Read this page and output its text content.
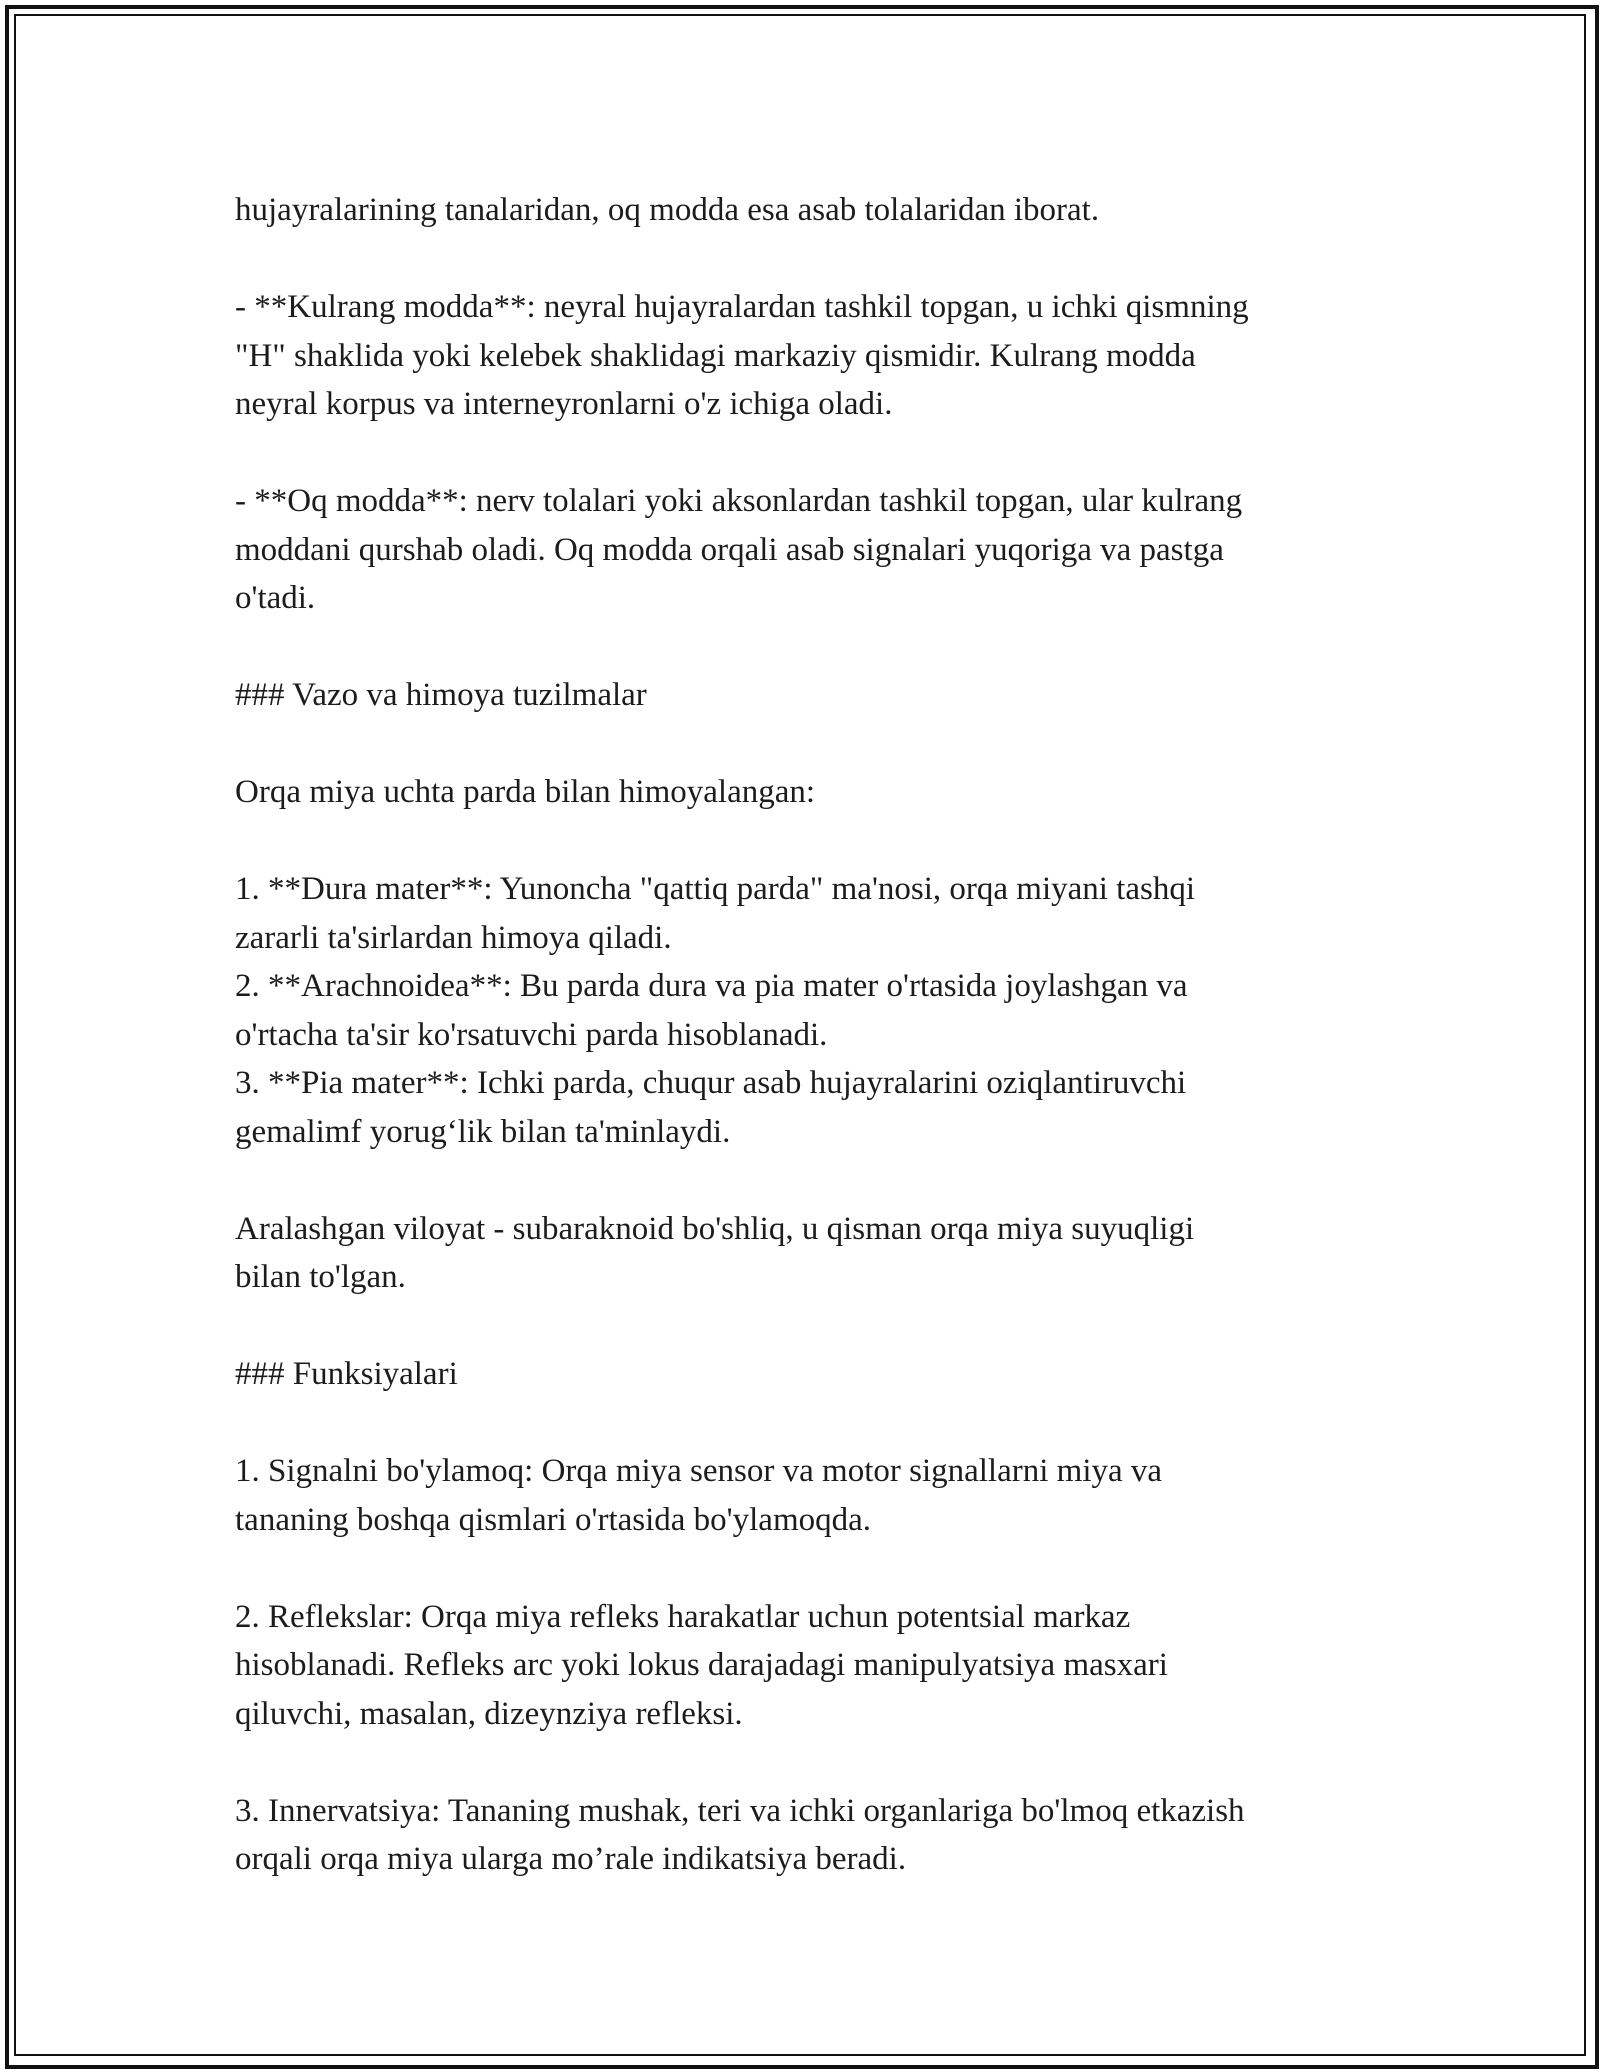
hujayralarining tanalaridan, oq modda esa asab tolalaridan iborat.
- **Kulrang modda**: neyral hujayralardan tashkil topgan, u ichki qismning
"H" shaklida yoki kelebek shaklidagi markaziy qismidir. Kulrang modda
neyral korpus va interneyronlarni o'z ichiga oladi.
- **Oq modda**: nerv tolalari yoki aksonlardan tashkil topgan, ular kulrang
moddani qurshab oladi. Oq modda orqali asab signalari yuqoriga va pastga
o'tadi.
### Vazo va himoya tuzilmalar
Orqa miya uchta parda bilan himoyalangan:
1. **Dura mater**: Yunoncha "qattiq parda" ma'nosi, orqa miyani tashqi
zararli ta'sirlardan himoya qiladi.
2. **Arachnoidea**: Bu parda dura va pia mater o'rtasida joylashgan va
o'rtacha ta'sir ko'rsatuvchi parda hisoblanadi.
3. **Pia mater**: Ichki parda, chuqur asab hujayralarini oziqlantiruvchi
gemalimf yorug‘lik bilan ta'minlaydi.
Aralashgan viloyat - subaraknoid bo'shliq, u qisman orqa miya suyuqligi
bilan to'lgan.
### Funksiyalari
1. Signalni bo'ylamoq: Orqa miya sensor va motor signallarni miya va
tananing boshqa qismlari o'rtasida bo'ylamoqda.
2. Reflekslar: Orqa miya refleks harakatlar uchun potentsial markaz
hisoblanadi. Refleks arc yoki lokus darajadagi manipulyatsiya masxari
qiluvchi, masalan, dizeynziya refleksi.
3. Innervatsiya: Tananing mushak, teri va ichki organlariga bo'lmoq etkazish
orqali orqa miya ularga mo’rale indikatsiya beradi.
